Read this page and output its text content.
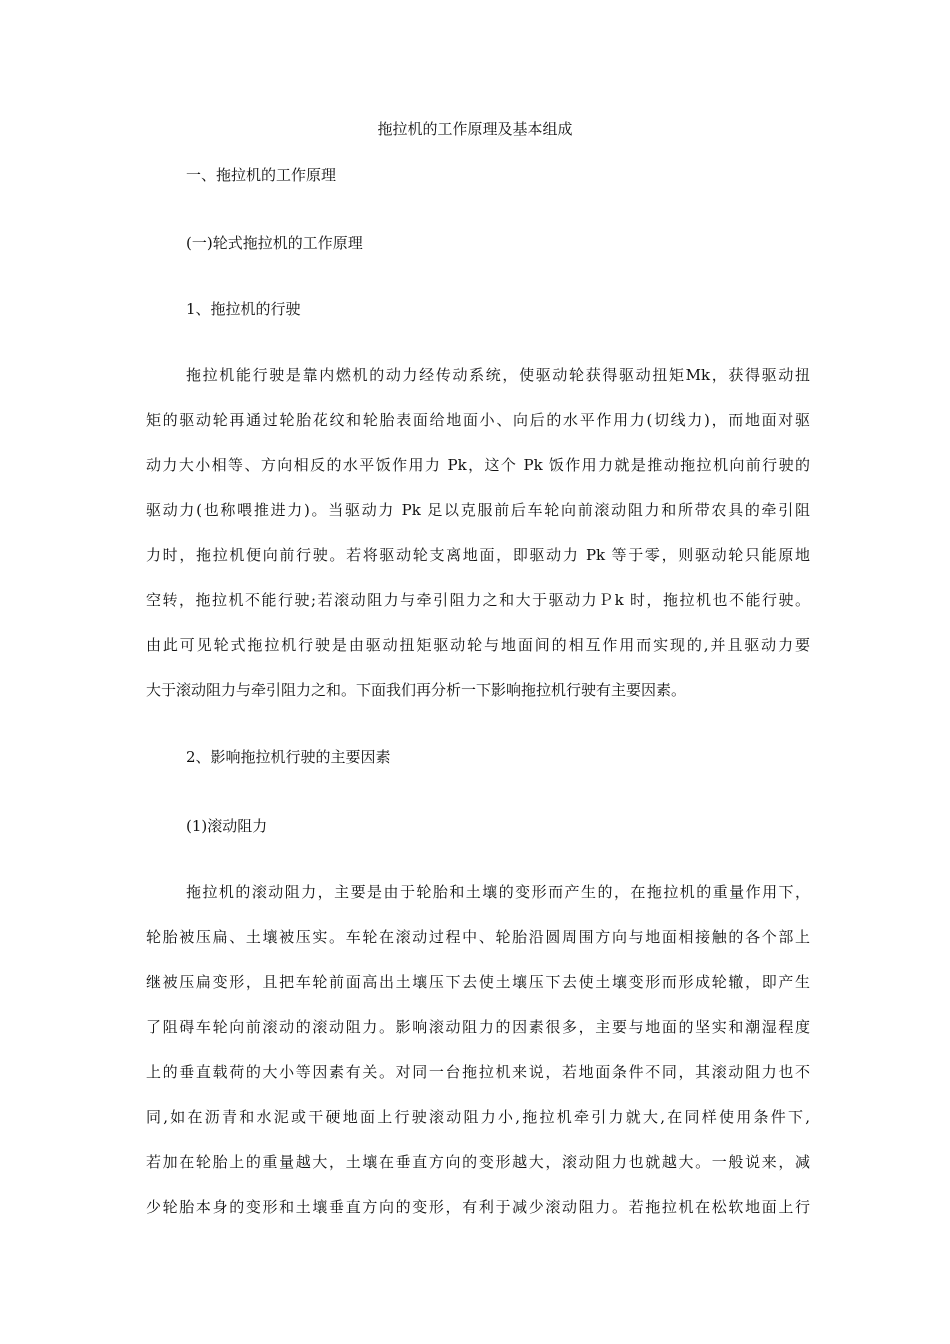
拖拉机的工作原理及基本组成
一、拖拉机的工作原理
(一)轮式拖拉机的工作原理
1、拖拉机的行驶
拖拉机能行驶是靠内燃机的动力经传动系统，使驱动轮获得驱动扭矩Mk，获得驱动扭
矩的驱动轮再通过轮胎花纹和轮胎表面给地面小、向后的水平作用力(切线力)，而地面对驱
动力大小相等、方向相反的水平饭作用力 Pk，这个 Pk 饭作用力就是推动拖拉机向前行驶的
驱动力(也称喂推进力)。当驱动力 Pk 足以克服前后车轮向前滚动阻力和所带农具的牵引阻
力时，拖拉机便向前行驶。若将驱动轮支离地面，即驱动力 Pk 等于零，则驱动轮只能原地
空转，拖拉机不能行驶;若滚动阻力与牵引阻力之和大于驱动力Ｐk 时，拖拉机也不能行驶。
由此可见轮式拖拉机行驶是由驱动扭矩驱动轮与地面间的相互作用而实现的,并且驱动力要
大于滚动阻力与牵引阻力之和。下面我们再分析一下影响拖拉机行驶有主要因素。
2、影响拖拉机行驶的主要因素
(1)滚动阻力
拖拉机的滚动阻力，主要是由于轮胎和土壤的变形而产生的，在拖拉机的重量作用下，
轮胎被压扁、土壤被压实。车轮在滚动过程中、轮胎沿圆周围方向与地面相接触的各个部上
继被压扁变形，且把车轮前面高出土壤压下去使土壤压下去使土壤变形而形成轮辙，即产生
了阻碍车轮向前滚动的滚动阻力。影响滚动阻力的因素很多，主要与地面的坚实和潮湿程度
上的垂直载荷的大小等因素有关。对同一台拖拉机来说，若地面条件不同，其滚动阻力也不
同,如在沥青和水泥或干硬地面上行驶滚动阻力小,拖拉机牵引力就大,在同样使用条件下,
若加在轮胎上的重量越大，土壤在垂直方向的变形越大，滚动阻力也就越大。一般说来，减
少轮胎本身的变形和土壤垂直方向的变形，有利于减少滚动阻力。若拖拉机在松软地面上行
